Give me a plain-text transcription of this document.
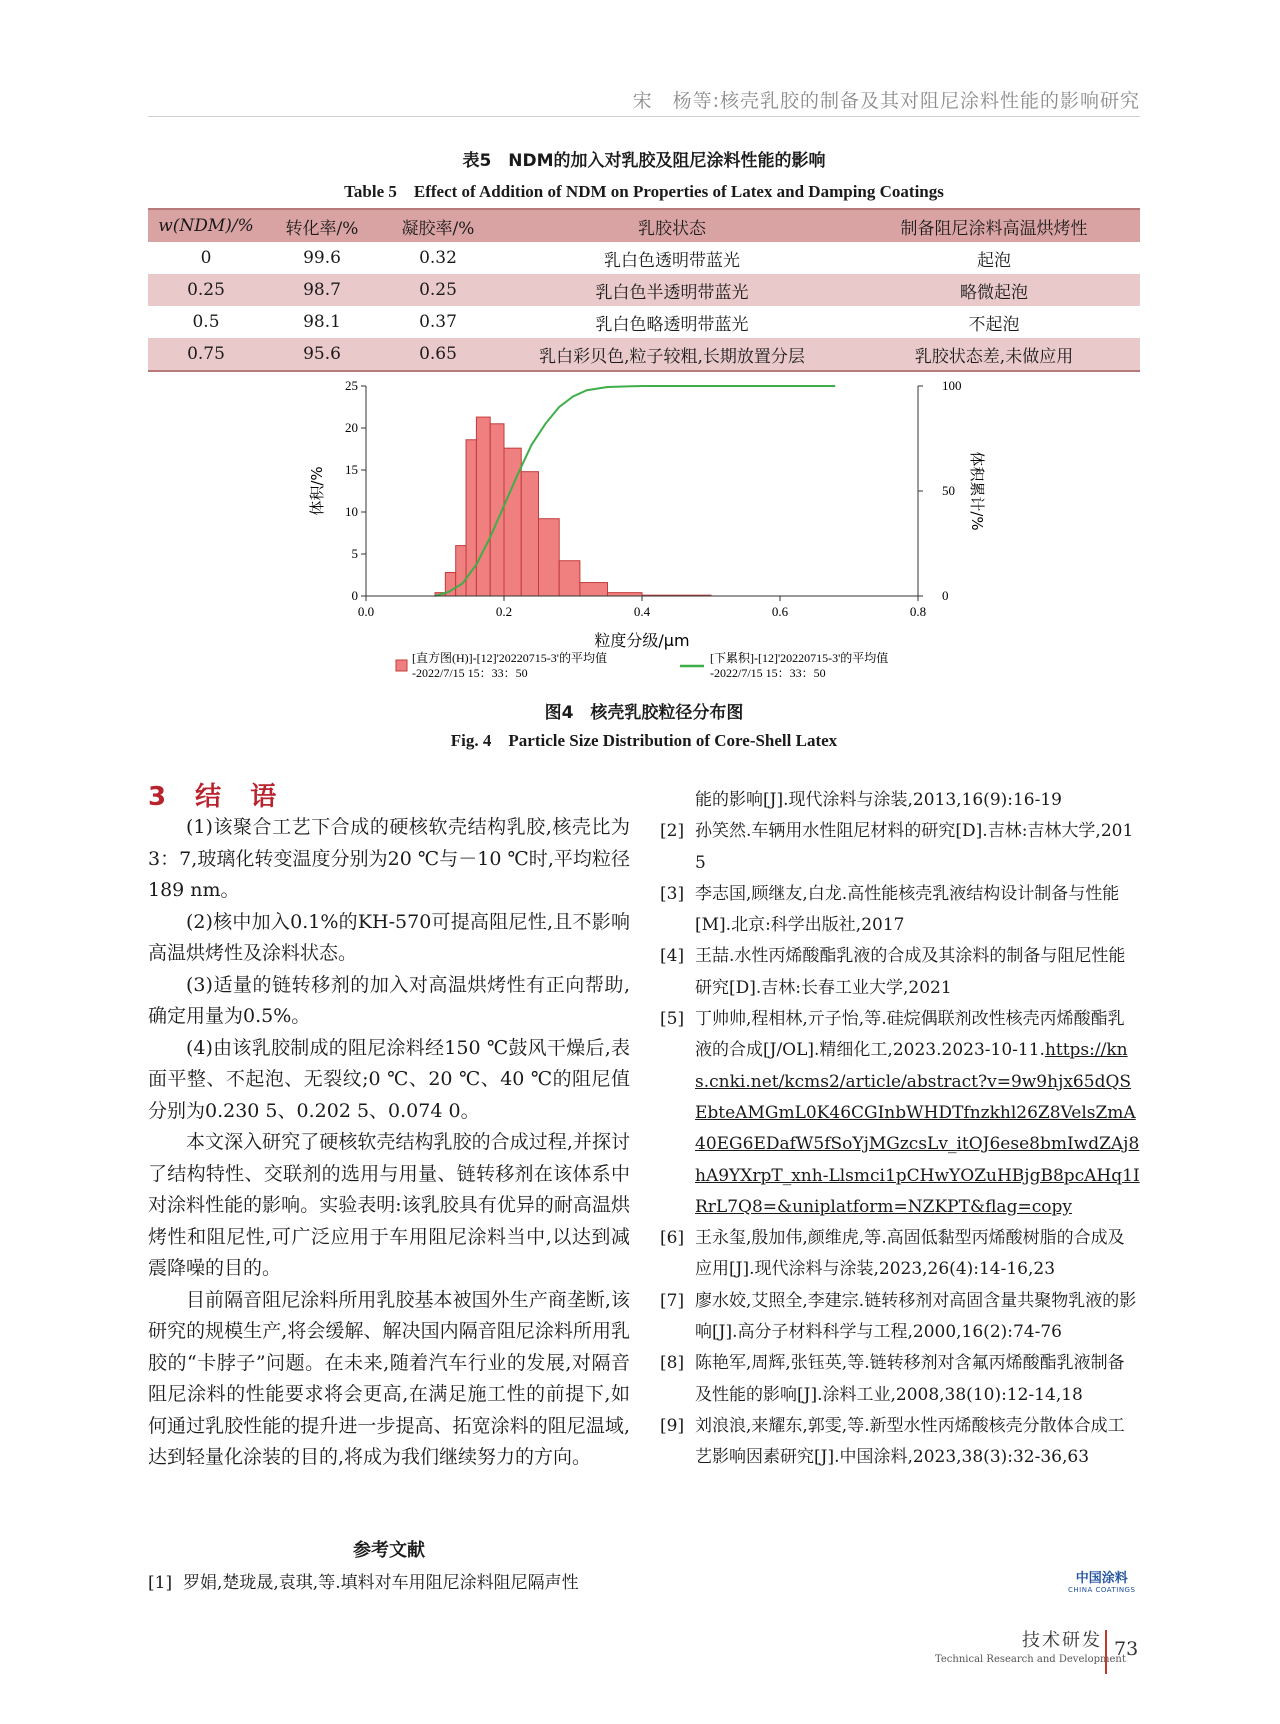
宋　杨等:核壳乳胶的制备及其对阻尼涂料性能的影响研究
表5　NDM的加入对乳胶及阻尼涂料性能的影响
Table 5　Effect of Addition of NDM on Properties of Latex and Damping Coatings
w(NDM)/%	转化率/%	凝胶率/%	乳胶状态	制备阻尼涂料高温烘烤性
0	99.6	0.32	乳白色透明带蓝光	起泡
0.25	98.7	0.25	乳白色半透明带蓝光	略微起泡
0.5	98.1	0.37	乳白色略透明带蓝光	不起泡
0.75	95.6	0.65	乳白彩贝色,粒子较粗,长期放置分层	乳胶状态差,未做应用
0.0	0.2	0.4	0.6	0.8
0
5
10
15
20
25
0
50
100
体积/%	体积累计/%
粒度分级/μm
[直方图(H)]-[12]'20220715-3'的平均值
-2022/7/15 15：33：50
[下累积]-[12]'20220715-3'的平均值
-2022/7/15 15：33：50
图4　核壳乳胶粒径分布图
Fig. 4　Particle Size Distribution of Core-Shell Latex
3 结 语

(1)该聚合工艺下合成的硬核软壳结构乳胶,核壳比为3：7,玻璃化转变温度分别为20 ℃与－10 ℃时,平均粒径189 nm。

(2)核中加入0.1%的KH-570可提高阻尼性,且不影响高温烘烤性及涂料状态。

(3)适量的链转移剂的加入对高温烘烤性有正向帮助,确定用量为0.5%。

(4)由该乳胶制成的阻尼涂料经150 ℃鼓风干燥后,表面平整、不起泡、无裂纹;0 ℃、20 ℃、40 ℃的阻尼值分别为0.230 5、0.202 5、0.074 0。

本文深入研究了硬核软壳结构乳胶的合成过程,并探讨了结构特性、交联剂的选用与用量、链转移剂在该体系中对涂料性能的影响。实验表明:该乳胶具有优异的耐高温烘烤性和阻尼性,可广泛应用于车用阻尼涂料当中,以达到减震降噪的目的。

目前隔音阻尼涂料所用乳胶基本被国外生产商垄断,该研究的规模生产,将会缓解、解决国内隔音阻尼涂料所用乳胶的“卡脖子”问题。在未来,随着汽车行业的发展,对隔音阻尼涂料的性能要求将会更高,在满足施工性的前提下,如何通过乳胶性能的提升进一步提高、拓宽涂料的阻尼温域,达到轻量化涂装的目的,将成为我们继续努力的方向。

参考文献
[1] 罗娟,楚珑晟,袁琪,等.填料对车用阻尼涂料阻尼隔声性
能的影响[J].现代涂料与涂装,2013,16(9):16-19
[2] 孙笑然.车辆用水性阻尼材料的研究[D].吉林:吉林大学,2015
[3] 李志国,顾继友,白龙.高性能核壳乳液结构设计制备与性能[M].北京:科学出版社,2017
[4] 王喆.水性丙烯酸酯乳液的合成及其涂料的制备与阻尼性能研究[D].吉林:长春工业大学,2021
[5] 丁帅帅,程相林,亓子怡,等.硅烷偶联剂改性核壳丙烯酸酯乳液的合成[J/OL].精细化工,2023.2023-10-11.https://kns.cnki.net/kcms2/article/abstract?v=9w9hjx65dQSEbteAMGmL0K46CGInbWHDTfnzkhl26Z8VelsZmA40EG6EDafW5fSoYjMGzcsLv_itOJ6ese8bmIwdZAj8hA9YXrpT_xnh-Llsmci1pCHwYOZuHBjgB8pcAHq1IRrL7Q8=&uniplatform=NZKPT&flag=copy
[6] 王永玺,殷加伟,颜维虎,等.高固低黏型丙烯酸树脂的合成及应用[J].现代涂料与涂装,2023,26(4):14-16,23
[7] 廖水姣,艾照全,李建宗.链转移剂对高固含量共聚物乳液的影响[J].高分子材料科学与工程,2000,16(2):74-76
[8] 陈艳军,周辉,张钰英,等.链转移剂对含氟丙烯酸酯乳液制备及性能的影响[J].涂料工业,2008,38(10):12-14,18
[9] 刘浪浪,来耀东,郭雯,等.新型水性丙烯酸核壳分散体合成工艺影响因素研究[J].中国涂料,2023,38(3):32-36,63
中国涂料
CHINA COATINGS
技术研发
Technical Research and Development
73
